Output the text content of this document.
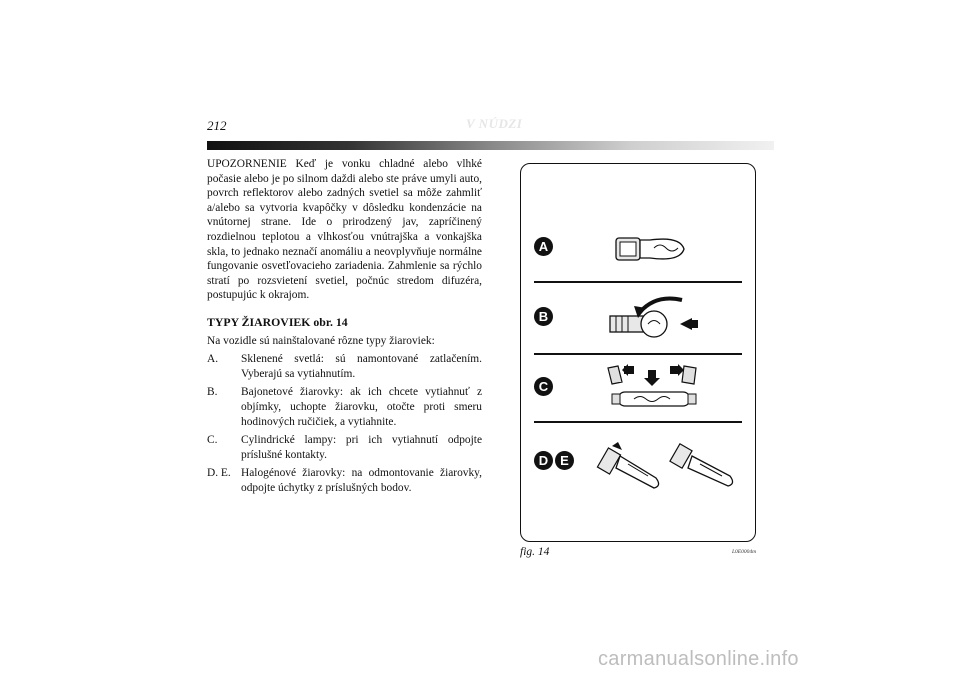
212	V NÚDZI

UPOZORNENIE Keď je vonku chladné alebo vlhké počasie alebo je po silnom daždi alebo ste práve umyli auto, povrch reflektorov alebo zadných svetiel sa môže zahmliť a/alebo sa vytvoria kvapôčky v dôsledku kondenzácie na vnútornej strane. Ide o prirodzený jav, zapríčinený rozdielnou teplotou a vlhkosťou vnútrajška a vonkajška skla, to jednako neznačí anomáliu a neovplyvňuje normálne fungovanie osvetľovacieho zariadenia. Zahmlenie sa rýchlo stratí po rozsvietení svetiel, počnúc stredom difuzéra, postupujúc k okrajom.

TYPY ŽIAROVIEK obr. 14
Na vozidle sú nainštalované rôzne typy žiaroviek:
A.	Sklenené svetlá: sú namontované zatlačením. Vyberajú sa vytiahnutím.
B.	Bajonetové žiarovky: ak ich chcete vytiahnuť z objímky, uchopte žiarovku, otočte proti smeru hodinových ručičiek, a vytiahnite.
C.	Cylindrické lampy: pri ich vytiahnutí odpojte príslušné kontakty.
D. E. Halogénové žiarovky: na odmontovanie žiarovky, odpojte úchytky z príslušných bodov.
A
B
C
D E
fig. 14	L0E0004m
carmanualsonline.info
